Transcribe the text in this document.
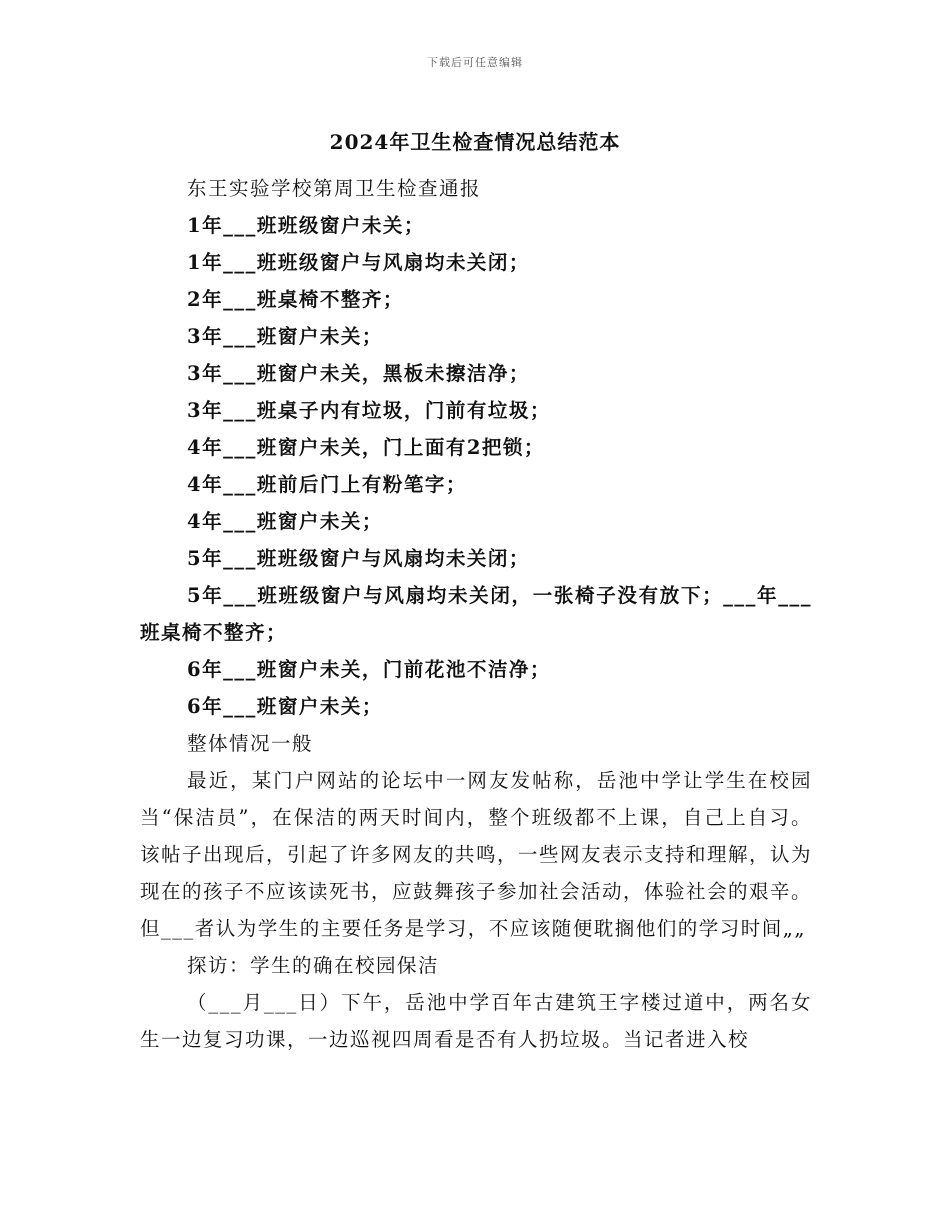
下载后可任意编辑
2024年卫生检查情况总结范本

东王实验学校第周卫生检查通报

1年___班班级窗户未关；

1年___班班级窗户与风扇均未关闭；

2年___班桌椅不整齐；

3年___班窗户未关；

3年___班窗户未关，黑板未擦洁净；

3年___班桌子内有垃圾，门前有垃圾；

4年___班窗户未关，门上面有2把锁；

4年___班前后门上有粉笔字；

4年___班窗户未关；

5年___班班级窗户与风扇均未关闭；

5年___班班级窗户与风扇均未关闭，一张椅子没有放下；___年___班桌椅不整齐；

6年___班窗户未关，门前花池不洁净；

6年___班窗户未关；

整体情况一般

最近，某门户网站的论坛中一网友发帖称，岳池中学让学生在校园当“保洁员”，在保洁的两天时间内，整个班级都不上课，自己上自习。该帖子出现后，引起了许多网友的共鸣，一些网友表示支持和理解，认为现在的孩子不应该读死书，应鼓舞孩子参加社会活动，体验社会的艰辛。但___者认为学生的主要任务是学习，不应该随便耽搁他们的学习时间„„

探访：学生的确在校园保洁

（___月___日）下午，岳池中学百年古建筑王字楼过道中，两名女生一边复习功课，一边巡视四周看是否有人扔垃圾。当记者进入校
